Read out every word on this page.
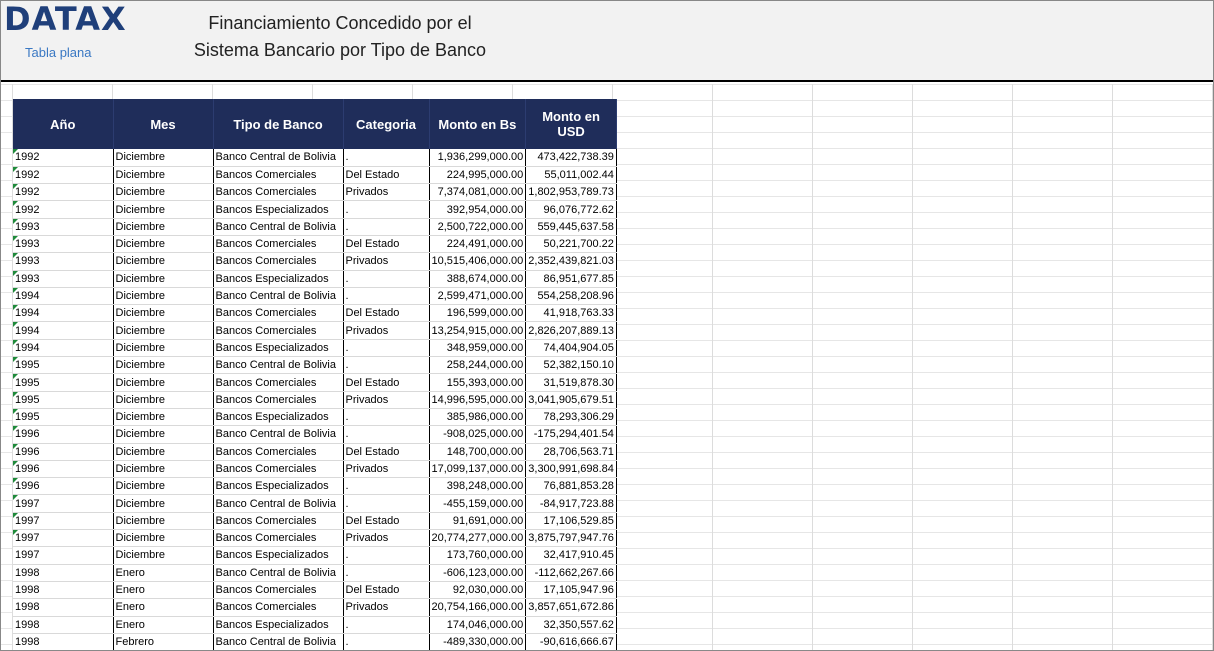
DATAX
Tabla plana
Financiamiento Concedido por el
Sistema Bancario por Tipo de Banco
Año	Mes	Tipo de Banco	Categoria	Monto en Bs	Monto en USD
1992	Diciembre	Banco Central de Bolivia	.	1,936,299,000.00	473,422,738.39
1992	Diciembre	Bancos Comerciales	Del Estado	224,995,000.00	55,011,002.44
1992	Diciembre	Bancos Comerciales	Privados	7,374,081,000.00	1,802,953,789.73
1992	Diciembre	Bancos Especializados	.	392,954,000.00	96,076,772.62
1993	Diciembre	Banco Central de Bolivia	.	2,500,722,000.00	559,445,637.58
1993	Diciembre	Bancos Comerciales	Del Estado	224,491,000.00	50,221,700.22
1993	Diciembre	Bancos Comerciales	Privados	10,515,406,000.00	2,352,439,821.03
1993	Diciembre	Bancos Especializados	.	388,674,000.00	86,951,677.85
1994	Diciembre	Banco Central de Bolivia	.	2,599,471,000.00	554,258,208.96
1994	Diciembre	Bancos Comerciales	Del Estado	196,599,000.00	41,918,763.33
1994	Diciembre	Bancos Comerciales	Privados	13,254,915,000.00	2,826,207,889.13
1994	Diciembre	Bancos Especializados	.	348,959,000.00	74,404,904.05
1995	Diciembre	Banco Central de Bolivia	.	258,244,000.00	52,382,150.10
1995	Diciembre	Bancos Comerciales	Del Estado	155,393,000.00	31,519,878.30
1995	Diciembre	Bancos Comerciales	Privados	14,996,595,000.00	3,041,905,679.51
1995	Diciembre	Bancos Especializados	.	385,986,000.00	78,293,306.29
1996	Diciembre	Banco Central de Bolivia	.	-908,025,000.00	-175,294,401.54
1996	Diciembre	Bancos Comerciales	Del Estado	148,700,000.00	28,706,563.71
1996	Diciembre	Bancos Comerciales	Privados	17,099,137,000.00	3,300,991,698.84
1996	Diciembre	Bancos Especializados	.	398,248,000.00	76,881,853.28
1997	Diciembre	Banco Central de Bolivia	.	-455,159,000.00	-84,917,723.88
1997	Diciembre	Bancos Comerciales	Del Estado	91,691,000.00	17,106,529.85
1997	Diciembre	Bancos Comerciales	Privados	20,774,277,000.00	3,875,797,947.76
1997	Diciembre	Bancos Especializados	.	173,760,000.00	32,417,910.45
1998	Enero	Banco Central de Bolivia	.	-606,123,000.00	-112,662,267.66
1998	Enero	Bancos Comerciales	Del Estado	92,030,000.00	17,105,947.96
1998	Enero	Bancos Comerciales	Privados	20,754,166,000.00	3,857,651,672.86
1998	Enero	Bancos Especializados	.	174,046,000.00	32,350,557.62
1998	Febrero	Banco Central de Bolivia	.	-489,330,000.00	-90,616,666.67
